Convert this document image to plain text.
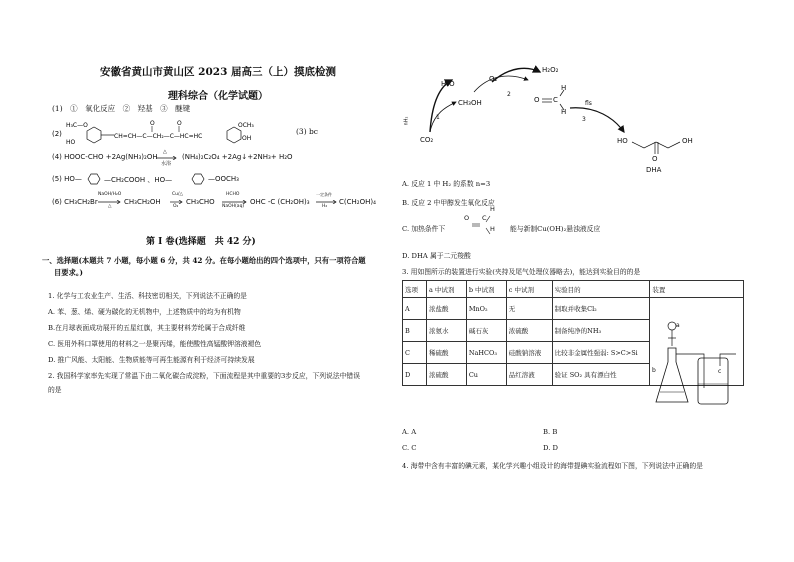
安徽省黄山市黄山区 2023 届高三（上）摸底检测
理科综合（化学试题）
(1)　①　氧化反应　②　羟基　③　醚键
(2)
H₃C—O
HO
CH=CH—C—CH₂—C—HC=HC
O	O	OCH₃
OH
(3) bc
(4) HOOC-CHO +2Ag(NH₃)₂OH
△
水浴
(NH₄)₂C₂O₄ +2Ag↓+2NH₃+ H₂O
(5) HO—	—CH₂COOH 、HO—	—OOCH₃
(6) CH₃CH₂Br
NaOH/H₂O
△
CH₃CH₂OH
Cu/△
O₂
CH₃CHO
HCHO
NaOH(aq)
OHC -C (CH₂OH)₃
一定条件
H₂
C(CH₂OH)₄
第 I 卷(选择题　共 42 分)
一、选择题(本题共 7 小题，每小题 6 分，共 42 分。在每小题给出的四个选项中，只有一项符合题
目要求。)
1. 化学与工农业生产、生活、科技密切相关，下列说法不正确的是
A. 苯、葱、烯、硬为碳化的无机物中，上述物质中的均为有机物
B.在月球表面成功展开的五星红旗，其主要材料芳纶属于合成纤维
C. 医用外科口罩使用的材料之一是聚丙烯，能使酸性高锰酸钾溶液褪色
D. 推广风能、太阳能、生物质能等可再生能源有利于经济可持续发展
2. 我国科学家率先实现了常温下由二氧化碳合成淀粉，下面流程是其中重要的3步反应，下列说法中错误
的是
H₂O
H₂O₂
O₂
CH₃OH
CO₂
nH₂	1
2
3
fls
O C
H
H
HO	OH
O
DHA
A. 反应 1 中 H₂ 的系数 n=3
B. 反应 2 中甲醇发生氧化反应
C. 加热条件下
O C
H
H 能与新制Cu(OH)₂悬浊液反应
D. DHA 属于二元羧酸
3. 用如图所示的装置进行实验(夹持及尾气处理仪器略去)，能达到实验目的的是
选项	a 中试剂	b 中试剂	c 中试剂	实验目的	装置
A	浓盐酸	MnO₂	无	制取并收集Cl₂	
B	浓氨水	碱石灰	浓硫酸	制备纯净的NH₃	
C	稀硫酸	NaHCO₃	硅酸钠溶液	比较非金属性强弱: S>C>Si	
D	浓硫酸	Cu	品红溶液	验证 SO₂ 具有漂白性	
a
b	c
A. A	B. B
C. C	D. D
4. 海带中含有丰富的碘元素，某化学兴趣小组设计的海带提碘实验流程如下图，下列说法中正确的是
